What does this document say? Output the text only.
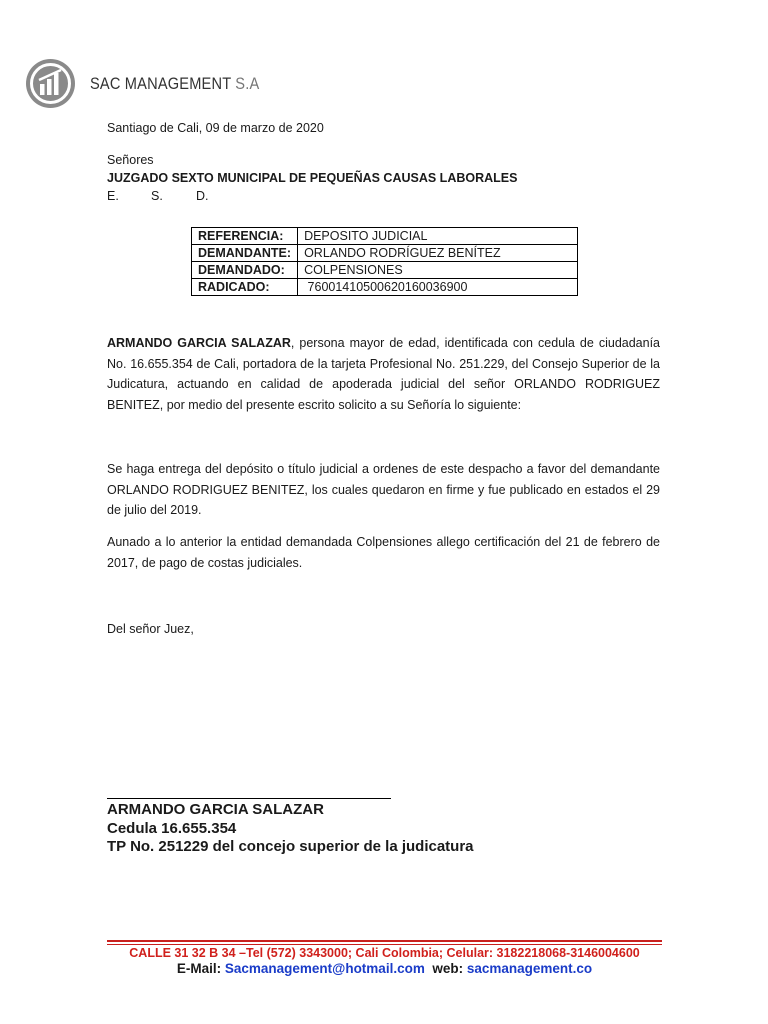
SAC MANAGEMENT S.A
Santiago de Cali, 09 de marzo de 2020
Señores
JUZGADO SEXTO MUNICIPAL DE PEQUEÑAS CAUSAS LABORALES
E.	S.	D.
REFERENCIA:	DEPOSITO JUDICIAL
DEMANDANTE:	ORLANDO RODRÍGUEZ BENÍTEZ
DEMANDADO:	COLPENSIONES
RADICADO:	76001410500620160036900
ARMANDO GARCIA SALAZAR, persona mayor de edad, identificada con cedula de ciudadanía No. 16.655.354 de Cali, portadora de la tarjeta Profesional No. 251.229, del Consejo Superior de la Judicatura, actuando en calidad de apoderada judicial del señor ORLANDO RODRIGUEZ BENITEZ, por medio del presente escrito solicito a su Señoría lo siguiente:
Se haga entrega del depósito o título judicial a ordenes de este despacho a favor del demandante ORLANDO RODRIGUEZ BENITEZ, los cuales quedaron en firme y fue publicado en estados el 29 de julio del 2019.
Aunado a lo anterior la entidad demandada Colpensiones allego certificación del 21 de febrero de 2017, de pago de costas judiciales.
Del señor Juez,
ARMANDO GARCIA SALAZAR
Cedula 16.655.354
TP No. 251229 del concejo superior de la judicatura
CALLE 31 32 B 34 –Tel (572) 3343000; Cali Colombia; Celular: 3182218068-3146004600
E-Mail: Sacmanagement@hotmail.com  web: sacmanagement.co
